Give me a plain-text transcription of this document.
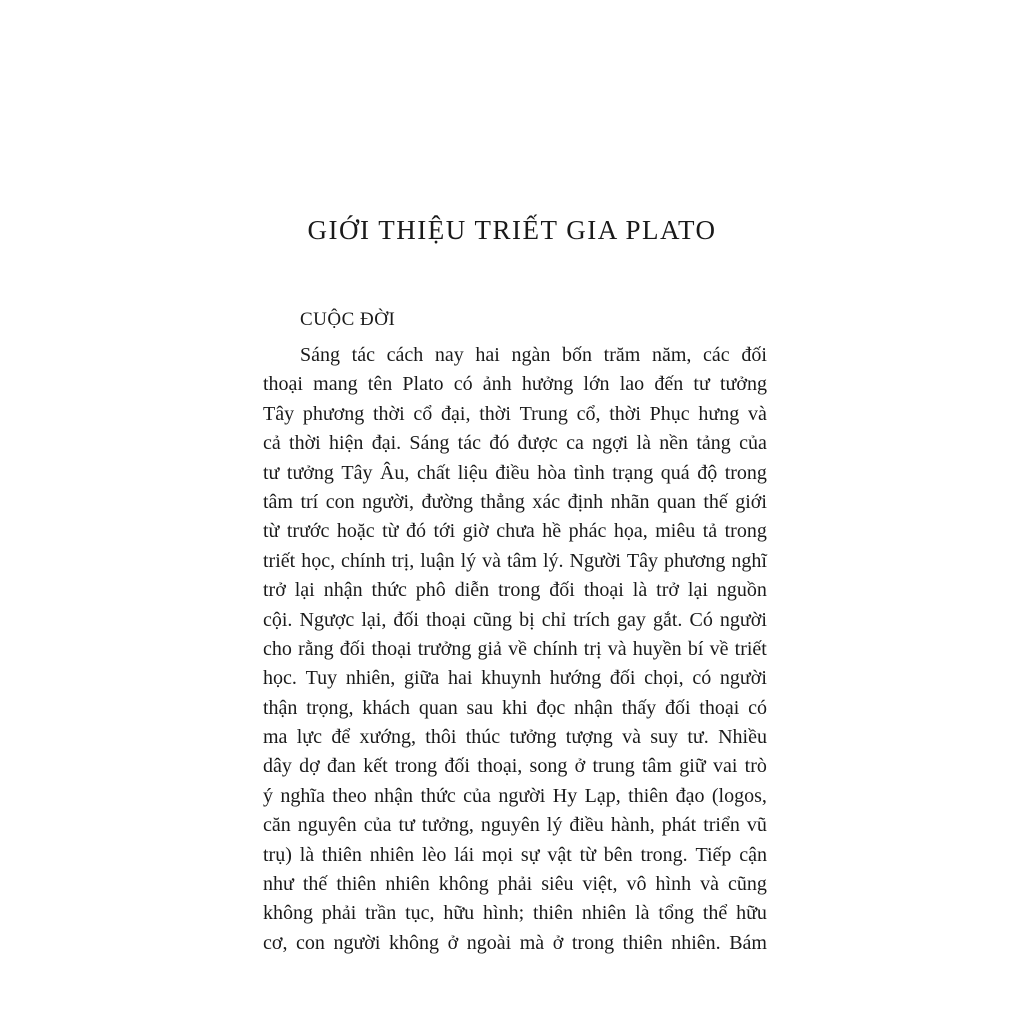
GIỚI THIỆU TRIẾT GIA PLATO
CUỘC ĐỜI
Sáng tác cách nay hai ngàn bốn trăm năm, các đối
thoại mang tên Plato có ảnh hưởng lớn lao đến tư tưởng
Tây phương thời cổ đại, thời Trung cổ, thời Phục hưng và
cả thời hiện đại. Sáng tác đó được ca ngợi là nền tảng của
tư tưởng Tây Âu, chất liệu điều hòa tình trạng quá độ trong
tâm trí con người, đường thẳng xác định nhãn quan thế giới
từ trước hoặc từ đó tới giờ chưa hề phác họa, miêu tả trong
triết học, chính trị, luận lý và tâm lý. Người Tây phương nghĩ
trở lại nhận thức phô diễn trong đối thoại là trở lại nguồn
cội. Ngược lại, đối thoại cũng bị chỉ trích gay gắt. Có người
cho rằng đối thoại trưởng giả về chính trị và huyền bí về triết
học. Tuy nhiên, giữa hai khuynh hướng đối chọi, có người
thận trọng, khách quan sau khi đọc nhận thấy đối thoại có
ma lực để xướng, thôi thúc tưởng tượng và suy tư. Nhiều
dây dợ đan kết trong đối thoại, song ở trung tâm giữ vai trò
ý nghĩa theo nhận thức của người Hy Lạp, thiên đạo (logos,
căn nguyên của tư tưởng, nguyên lý điều hành, phát triển vũ
trụ) là thiên nhiên lèo lái mọi sự vật từ bên trong. Tiếp cận
như thế thiên nhiên không phải siêu việt, vô hình và cũng
không phải trần tục, hữu hình; thiên nhiên là tổng thể hữu
cơ, con người không ở ngoài mà ở trong thiên nhiên. Bám
